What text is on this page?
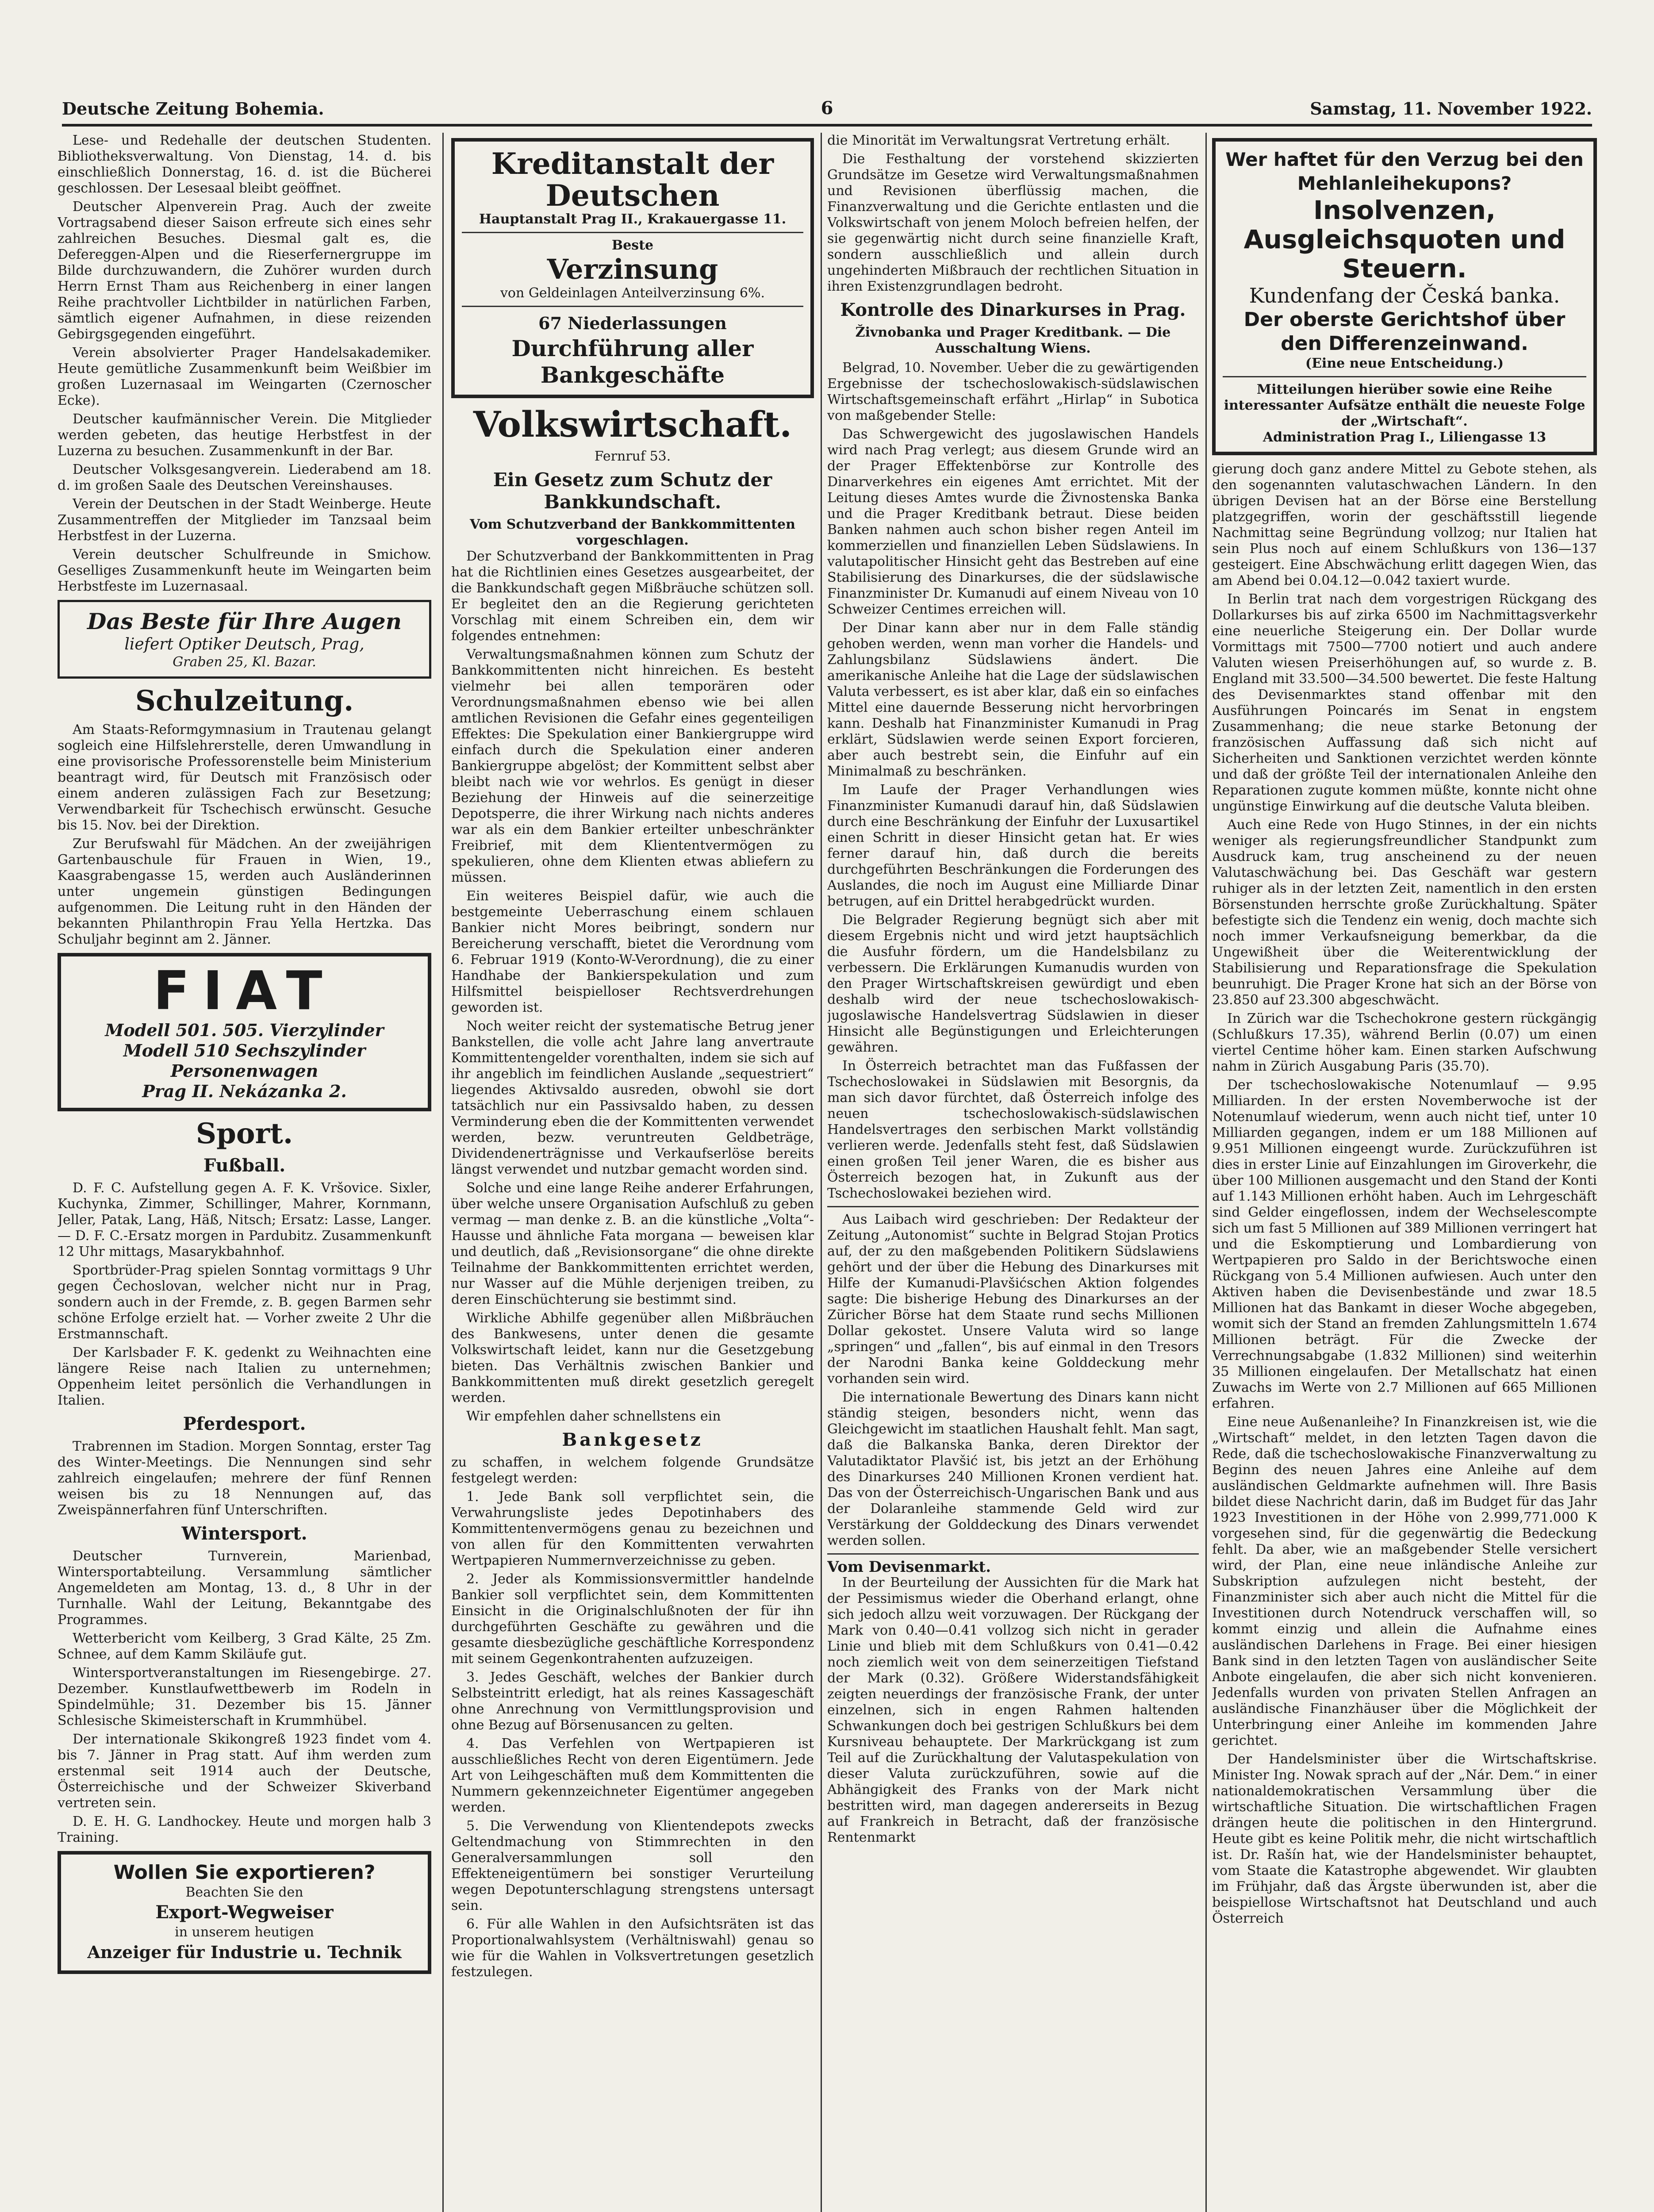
Deutsche Zeitung Bohemia.	6	Samstag, 11. November 1922.

Lese- und Redehalle der deutschen Studenten. Bibliotheksverwaltung. Von Dienstag, 14. d. bis einschließlich Donnerstag, 16. d. ist die Bücherei geschlossen. Der Lesesaal bleibt geöffnet.

Deutscher Alpenverein Prag. Auch der zweite Vortragsabend dieser Saison erfreute sich eines sehr zahlreichen Besuches. Diesmal galt es, die Defereggen-Alpen und die Rieserfernergruppe im Bilde durchzuwandern, die Zuhörer wurden durch Herrn Ernst Tham aus Reichenberg in einer langen Reihe prachtvoller Lichtbilder in natürlichen Farben, sämtlich eigener Aufnahmen, in diese reizenden Gebirgsgegenden eingeführt.

Verein absolvierter Prager Handelsakademiker. Heute gemütliche Zusammenkunft beim Weißbier im großen Luzernasaal im Weingarten (Czernoscher Ecke).

Deutscher kaufmännischer Verein. Die Mitglieder werden gebeten, das heutige Herbstfest in der Luzerna zu besuchen. Zusammenkunft in der Bar.

Deutscher Volksgesangverein. Liederabend am 18. d. im großen Saale des Deutschen Vereinshauses.

Verein der Deutschen in der Stadt Weinberge. Heute Zusammentreffen der Mitglieder im Tanzsaal beim Herbstfest in der Luzerna.

Verein deutscher Schulfreunde in Smichow. Geselliges Zusammenkunft heute im Weingarten beim Herbstfeste im Luzernasaal.

Das Beste für Ihre Augen
liefert Optiker Deutsch, Prag,
Graben 25, Kl. Bazar.
Schulzeitung.

Am Staats-Reformgymnasium in Trautenau gelangt sogleich eine Hilfslehrerstelle, deren Umwandlung in eine provisorische Professorenstelle beim Ministerium beantragt wird, für Deutsch mit Französisch oder einem anderen zulässigen Fach zur Besetzung; Verwendbarkeit für Tschechisch erwünscht. Gesuche bis 15. Nov. bei der Direktion.

Zur Berufswahl für Mädchen. An der zweijährigen Gartenbauschule für Frauen in Wien, 19., Kaasgrabengasse 15, werden auch Ausländerinnen unter ungemein günstigen Bedingungen aufgenommen. Die Leitung ruht in den Händen der bekannten Philanthropin Frau Yella Hertzka. Das Schuljahr beginnt am 2. Jänner.

FIAT
Modell 501. 505. Vierzylinder
Modell 510 Sechszylinder
Personenwagen
Prag II. Nekázanka 2.
Sport.
Fußball.

D. F. C. Aufstellung gegen A. F. K. Vršovice. Sixler, Kuchynka, Zimmer, Schillinger, Mahrer, Kornmann, Jeller, Patak, Lang, Häß, Nitsch; Ersatz: Lasse, Langer. — D. F. C.-Ersatz morgen in Pardubitz. Zusammenkunft 12 Uhr mittags, Masarykbahnhof.

Sportbrüder-Prag spielen Sonntag vormittags 9 Uhr gegen Čechoslovan, welcher nicht nur in Prag, sondern auch in der Fremde, z. B. gegen Barmen sehr schöne Erfolge erzielt hat. — Vorher zweite 2 Uhr die Erstmannschaft.

Der Karlsbader F. K. gedenkt zu Weihnachten eine längere Reise nach Italien zu unternehmen; Oppenheim leitet persönlich die Verhandlungen in Italien.

Pferdesport.

Trabrennen im Stadion. Morgen Sonntag, erster Tag des Winter-Meetings. Die Nennungen sind sehr zahlreich eingelaufen; mehrere der fünf Rennen weisen bis zu 18 Nennungen auf, das Zweispännerfahren fünf Unterschriften.

Wintersport.

Deutscher Turnverein, Marienbad, Wintersportabteilung. Versammlung sämtlicher Angemeldeten am Montag, 13. d., 8 Uhr in der Turnhalle. Wahl der Leitung, Bekanntgabe des Programmes.

Wetterbericht vom Keilberg, 3 Grad Kälte, 25 Zm. Schnee, auf dem Kamm Skiläufe gut.

Wintersportveranstaltungen im Riesengebirge. 27. Dezember. Kunstlaufwettbewerb im Rodeln in Spindelmühle; 31. Dezember bis 15. Jänner Schlesische Skimeisterschaft in Krummhübel.

Der internationale Skikongreß 1923 findet vom 4. bis 7. Jänner in Prag statt. Auf ihm werden zum erstenmal seit 1914 auch der Deutsche, Österreichische und der Schweizer Skiverband vertreten sein.

D. E. H. G. Landhockey. Heute und morgen halb 3 Training.

Wollen Sie exportieren?
Beachten Sie den
Export-Wegweiser
in unserem heutigen
Anzeiger für Industrie u. Technik
Kreditanstalt der Deutschen
Hauptanstalt Prag II., Krakauergasse 11.
Beste
Verzinsung
von Geldeinlagen Anteilverzinsung 6%.
67 Niederlassungen
Durchführung aller Bankgeschäfte
Volkswirtschaft.
Fernruf 53.
Ein Gesetz zum Schutz der Bankkundschaft.
Vom Schutzverband der Bankkommittenten vorgeschlagen.

Der Schutzverband der Bankkommittenten in Prag hat die Richtlinien eines Gesetzes ausgearbeitet, der die Bankkundschaft gegen Mißbräuche schützen soll. Er begleitet den an die Regierung gerichteten Vorschlag mit einem Schreiben ein, dem wir folgendes entnehmen:

Verwaltungsmaßnahmen können zum Schutz der Bankkommittenten nicht hinreichen. Es besteht vielmehr bei allen temporären oder Verordnungsmaßnahmen ebenso wie bei allen amtlichen Revisionen die Gefahr eines gegenteiligen Effektes: Die Spekulation einer Bankiergruppe wird einfach durch die Spekulation einer anderen Bankiergruppe abgelöst; der Kommittent selbst aber bleibt nach wie vor wehrlos. Es genügt in dieser Beziehung der Hinweis auf die seinerzeitige Depotsperre, die ihrer Wirkung nach nichts anderes war als ein dem Bankier erteilter unbeschränkter Freibrief, mit dem Kliententvermögen zu spekulieren, ohne dem Klienten etwas abliefern zu müssen.

Ein weiteres Beispiel dafür, wie auch die bestgemeinte Ueberraschung einem schlauen Bankier nicht Mores beibringt, sondern nur Bereicherung verschafft, bietet die Verordnung vom 6. Februar 1919 (Konto-W-Verordnung), die zu einer Handhabe der Bankierspekulation und zum Hilfsmittel beispielloser Rechtsverdrehungen geworden ist.

Noch weiter reicht der systematische Betrug jener Bankstellen, die volle acht Jahre lang anvertraute Kommittentengelder vorenthalten, indem sie sich auf ihr angeblich im feindlichen Auslande „sequestriert“ liegendes Aktivsaldo ausreden, obwohl sie dort tatsächlich nur ein Passivsaldo haben, zu dessen Verminderung eben die der Kommittenten verwendet werden, bezw. veruntreuten Geldbeträge, Dividendenerträgnisse und Verkaufserlöse bereits längst verwendet und nutzbar gemacht worden sind.

Solche und eine lange Reihe anderer Erfahrungen, über welche unsere Organisation Aufschluß zu geben vermag — man denke z. B. an die künstliche „Volta“-Hausse und ähnliche Fata morgana — beweisen klar und deutlich, daß „Revisionsorgane“ die ohne direkte Teilnahme der Bankkommittenten errichtet werden, nur Wasser auf die Mühle derjenigen treiben, zu deren Einschüchterung sie bestimmt sind.

Wirkliche Abhilfe gegenüber allen Mißbräuchen des Bankwesens, unter denen die gesamte Volkswirtschaft leidet, kann nur die Gesetzgebung bieten. Das Verhältnis zwischen Bankier und Bankkommittenten muß direkt gesetzlich geregelt werden.

Wir empfehlen daher schnellstens ein

Bankgesetz

zu schaffen, in welchem folgende Grundsätze festgelegt werden:

1. Jede Bank soll verpflichtet sein, die Verwahrungsliste jedes Depotinhabers des Kommittentenvermögens genau zu bezeichnen und von allen für den Kommittenten verwahrten Wertpapieren Nummernverzeichnisse zu geben.

2. Jeder als Kommissionsvermittler handelnde Bankier soll verpflichtet sein, dem Kommittenten Einsicht in die Originalschlußnoten der für ihn durchgeführten Geschäfte zu gewähren und die gesamte diesbezügliche geschäftliche Korrespondenz mit seinem Gegenkontrahenten aufzuzeigen.

3. Jedes Geschäft, welches der Bankier durch Selbsteintritt erledigt, hat als reines Kassageschäft ohne Anrechnung von Vermittlungsprovision und ohne Bezug auf Börsenusancen zu gelten.

4. Das Verfehlen von Wertpapieren ist ausschließliches Recht von deren Eigentümern. Jede Art von Leihgeschäften muß dem Kommittenten die Nummern gekennzeichneter Eigentümer angegeben werden.

5. Die Verwendung von Klientendepots zwecks Geltendmachung von Stimmrechten in den Generalversammlungen soll den Effekteneigentümern bei sonstiger Verurteilung wegen Depotunterschlagung strengstens untersagt sein.

6. Für alle Wahlen in den Aufsichtsräten ist das Proportionalwahlsystem (Verhältniswahl) genau so wie für die Wahlen in Volksvertretungen gesetzlich festzulegen.

die Minorität im Verwaltungsrat Vertretung erhält.

Die Festhaltung der vorstehend skizzierten Grundsätze im Gesetze wird Verwaltungsmaßnahmen und Revisionen überflüssig machen, die Finanzverwaltung und die Gerichte entlasten und die Volkswirtschaft von jenem Moloch befreien helfen, der sie gegenwärtig nicht durch seine finanzielle Kraft, sondern ausschließlich und allein durch ungehinderten Mißbrauch der rechtlichen Situation in ihren Existenzgrundlagen bedroht.

Kontrolle des Dinarkurses in Prag.
Živnobanka und Prager Kreditbank. — Die Ausschaltung Wiens.

Belgrad, 10. November. Ueber die zu gewärtigenden Ergebnisse der tschechoslowakisch-südslawischen Wirtschaftsgemeinschaft erfährt „Hirlap“ in Subotica von maßgebender Stelle:

Das Schwergewicht des jugoslawischen Handels wird nach Prag verlegt; aus diesem Grunde wird an der Prager Effektenbörse zur Kontrolle des Dinarverkehres ein eigenes Amt errichtet. Mit der Leitung dieses Amtes wurde die Živnostenska Banka und die Prager Kreditbank betraut. Diese beiden Banken nahmen auch schon bisher regen Anteil im kommerziellen und finanziellen Leben Südslawiens. In valutapolitischer Hinsicht geht das Bestreben auf eine Stabilisierung des Dinarkurses, die der südslawische Finanzminister Dr. Kumanudi auf einem Niveau von 10 Schweizer Centimes erreichen will.

Der Dinar kann aber nur in dem Falle ständig gehoben werden, wenn man vorher die Handels- und Zahlungsbilanz Südslawiens ändert. Die amerikanische Anleihe hat die Lage der südslawischen Valuta verbessert, es ist aber klar, daß ein so einfaches Mittel eine dauernde Besserung nicht hervorbringen kann. Deshalb hat Finanzminister Kumanudi in Prag erklärt, Südslawien werde seinen Export forcieren, aber auch bestrebt sein, die Einfuhr auf ein Minimalmaß zu beschränken.

Im Laufe der Prager Verhandlungen wies Finanzminister Kumanudi darauf hin, daß Südslawien durch eine Beschränkung der Einfuhr der Luxusartikel einen Schritt in dieser Hinsicht getan hat. Er wies ferner darauf hin, daß durch die bereits durchgeführten Beschränkungen die Forderungen des Auslandes, die noch im August eine Milliarde Dinar betrugen, auf ein Drittel herabgedrückt wurden.

Die Belgrader Regierung begnügt sich aber mit diesem Ergebnis nicht und wird jetzt hauptsächlich die Ausfuhr fördern, um die Handelsbilanz zu verbessern. Die Erklärungen Kumanudis wurden von den Prager Wirtschaftskreisen gewürdigt und eben deshalb wird der neue tschechoslowakisch-jugoslawische Handelsvertrag Südslawien in dieser Hinsicht alle Begünstigungen und Erleichterungen gewähren.

In Österreich betrachtet man das Fußfassen der Tschechoslowakei in Südslawien mit Besorgnis, da man sich davor fürchtet, daß Österreich infolge des neuen tschechoslowakisch-südslawischen Handelsvertrages den serbischen Markt vollständig verlieren werde. Jedenfalls steht fest, daß Südslawien einen großen Teil jener Waren, die es bisher aus Österreich bezogen hat, in Zukunft aus der Tschechoslowakei beziehen wird.

Aus Laibach wird geschrieben: Der Redakteur der Zeitung „Autonomist“ suchte in Belgrad Stojan Protics auf, der zu den maßgebenden Politikern Südslawiens gehört und der über die Hebung des Dinarkurses mit Hilfe der Kumanudi-Plavšićschen Aktion folgendes sagte: Die bisherige Hebung des Dinarkurses an der Züricher Börse hat dem Staate rund sechs Millionen Dollar gekostet. Unsere Valuta wird so lange „springen“ und „fallen“, bis auf einmal in den Tresors der Narodni Banka keine Golddeckung mehr vorhanden sein wird.

Die internationale Bewertung des Dinars kann nicht ständig steigen, besonders nicht, wenn das Gleichgewicht im staatlichen Haushalt fehlt. Man sagt, daß die Balkanska Banka, deren Direktor der Valutadiktator Plavšić ist, bis jetzt an der Erhöhung des Dinarkurses 240 Millionen Kronen verdient hat. Das von der Österreichisch-Ungarischen Bank und aus der Dolaranleihe stammende Geld wird zur Verstärkung der Golddeckung des Dinars verwendet werden sollen.

Vom Devisenmarkt.

In der Beurteilung der Aussichten für die Mark hat der Pessimismus wieder die Oberhand erlangt, ohne sich jedoch allzu weit vorzuwagen. Der Rückgang der Mark von 0.40—0.41 vollzog sich nicht in gerader Linie und blieb mit dem Schlußkurs von 0.41—0.42 noch ziemlich weit von dem seinerzeitigen Tiefstand der Mark (0.32). Größere Widerstandsfähigkeit zeigten neuerdings der französische Frank, der unter einzelnen, sich in engen Rahmen haltenden Schwankungen doch bei gestrigen Schlußkurs bei dem Kursniveau behauptete. Der Markrückgang ist zum Teil auf die Zurückhaltung der Valutaspekulation von dieser Valuta zurückzuführen, sowie auf die Abhängigkeit des Franks von der Mark nicht bestritten wird, man dagegen andererseits in Bezug auf Frankreich in Betracht, daß der französische Rentenmarkt

Wer haftet für den Verzug bei den Mehlanleihekupons?
Insolvenzen, Ausgleichsquoten und Steuern.
Kundenfang der Česká banka.
Der oberste Gerichtshof über den Differenzeinwand.
(Eine neue Entscheidung.)
Mitteilungen hierüber sowie eine Reihe interessanter Aufsätze enthält die neueste Folge der „Wirtschaft“.
Administration Prag I., Liliengasse 13

gierung doch ganz andere Mittel zu Gebote stehen, als den sogenannten valutaschwachen Ländern. In den übrigen Devisen hat an der Börse eine Berstellung platzgegriffen, worin der geschäftsstill liegende Nachmittag seine Begründung vollzog; nur Italien hat sein Plus noch auf einem Schlußkurs von 136—137 gesteigert. Eine Abschwächung erlitt dagegen Wien, das am Abend bei 0.04.12—0.042 taxiert wurde.

In Berlin trat nach dem vorgestrigen Rückgang des Dollarkurses bis auf zirka 6500 im Nachmittagsverkehr eine neuerliche Steigerung ein. Der Dollar wurde Vormittags mit 7500—7700 notiert und auch andere Valuten wiesen Preiserhöhungen auf, so wurde z. B. England mit 33.500—34.500 bewertet. Die feste Haltung des Devisenmarktes stand offenbar mit den Ausführungen Poincarés im Senat in engstem Zusammenhang; die neue starke Betonung der französischen Auffassung daß sich nicht auf Sicherheiten und Sanktionen verzichtet werden könnte und daß der größte Teil der internationalen Anleihe den Reparationen zugute kommen müßte, konnte nicht ohne ungünstige Einwirkung auf die deutsche Valuta bleiben.

Auch eine Rede von Hugo Stinnes, in der ein nichts weniger als regierungsfreundlicher Standpunkt zum Ausdruck kam, trug anscheinend zu der neuen Valutaschwächung bei. Das Geschäft war gestern ruhiger als in der letzten Zeit, namentlich in den ersten Börsenstunden herrschte große Zurückhaltung. Später befestigte sich die Tendenz ein wenig, doch machte sich noch immer Verkaufsneigung bemerkbar, da die Ungewißheit über die Weiterentwicklung der Stabilisierung und Reparationsfrage die Spekulation beunruhigt. Die Prager Krone hat sich an der Börse von 23.850 auf 23.300 abgeschwächt.

In Zürich war die Tschechokrone gestern rückgängig (Schlußkurs 17.35), während Berlin (0.07) um einen viertel Centime höher kam. Einen starken Aufschwung nahm in Zürich Ausgabung Paris (35.70).

Der tschechoslowakische Notenumlauf — 9.95 Milliarden. In der ersten Novemberwoche ist der Notenumlauf wiederum, wenn auch nicht tief, unter 10 Milliarden gegangen, indem er um 188 Millionen auf 9.951 Millionen eingeengt wurde. Zurückzuführen ist dies in erster Linie auf Einzahlungen im Giroverkehr, die über 100 Millionen ausgemacht und den Stand der Konti auf 1.143 Millionen erhöht haben. Auch im Lehrgeschäft sind Gelder eingeflossen, indem der Wechselescompte sich um fast 5 Millionen auf 389 Millionen verringert hat und die Eskomptierung und Lombardierung von Wertpapieren pro Saldo in der Berichtswoche einen Rückgang von 5.4 Millionen aufwiesen. Auch unter den Aktiven haben die Devisenbestände und zwar 18.5 Millionen hat das Bankamt in dieser Woche abgegeben, womit sich der Stand an fremden Zahlungsmitteln 1.674 Millionen beträgt. Für die Zwecke der Verrechnungsabgabe (1.832 Millionen) sind weiterhin 35 Millionen eingelaufen. Der Metallschatz hat einen Zuwachs im Werte von 2.7 Millionen auf 665 Millionen erfahren.

Eine neue Außenanleihe? In Finanzkreisen ist, wie die „Wirtschaft“ meldet, in den letzten Tagen davon die Rede, daß die tschechoslowakische Finanzverwaltung zu Beginn des neuen Jahres eine Anleihe auf dem ausländischen Geldmarkte aufnehmen will. Ihre Basis bildet diese Nachricht darin, daß im Budget für das Jahr 1923 Investitionen in der Höhe von 2.999,771.000 K vorgesehen sind, für die gegenwärtig die Bedeckung fehlt. Da aber, wie an maßgebender Stelle versichert wird, der Plan, eine neue inländische Anleihe zur Subskription aufzulegen nicht besteht, der Finanzminister sich aber auch nicht die Mittel für die Investitionen durch Notendruck verschaffen will, so kommt einzig und allein die Aufnahme eines ausländischen Darlehens in Frage. Bei einer hiesigen Bank sind in den letzten Tagen von ausländischer Seite Anbote eingelaufen, die aber sich nicht konvenieren. Jedenfalls wurden von privaten Stellen Anfragen an ausländische Finanzhäuser über die Möglichkeit der Unterbringung einer Anleihe im kommenden Jahre gerichtet.

Der Handelsminister über die Wirtschaftskrise. Minister Ing. Nowak sprach auf der „Nár. Dem.“ in einer nationaldemokratischen Versammlung über die wirtschaftliche Situation. Die wirtschaftlichen Fragen drängen heute die politischen in den Hintergrund. Heute gibt es keine Politik mehr, die nicht wirtschaftlich ist. Dr. Rašín hat, wie der Handelsminister behauptet, vom Staate die Katastrophe abgewendet. Wir glaubten im Frühjahr, daß das Ärgste überwunden ist, aber die beispiellose Wirtschaftsnot hat Deutschland und auch Österreich
